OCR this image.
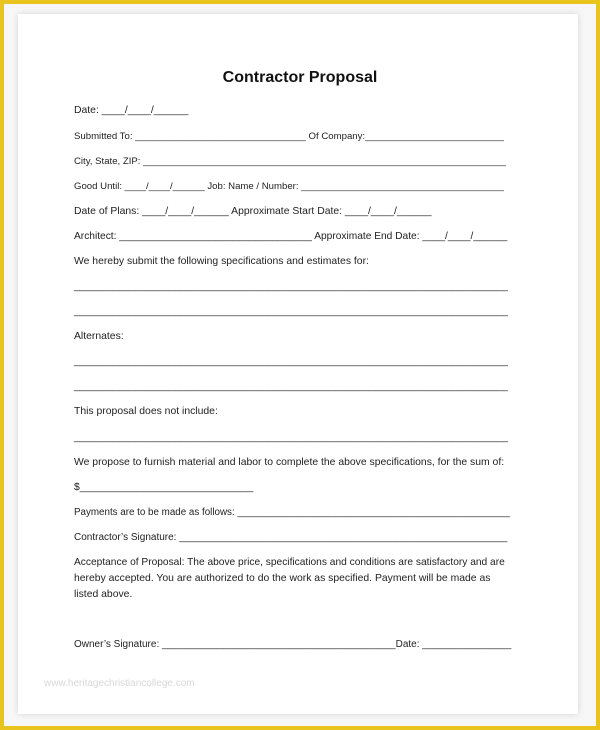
Contractor Proposal
Date: ____/____/______
Submitted To: ________________________________ Of Company:__________________________
City, State, ZIP: ____________________________________________________________________
Good Until: ____/____/______ Job: Name / Number: ______________________________________
Date of Plans: ____/____/______ Approximate Start Date: ____/____/______
Architect: __________________________________ Approximate End Date: ____/____/______
We hereby submit the following specifications and estimates for:
______________________________________________________________________________
______________________________________________________________________________
Alternates:
______________________________________________________________________________
______________________________________________________________________________
This proposal does not include:
______________________________________________________________________________
We propose to furnish material and labor to complete the above specifications, for the sum of:
$______________________________
Payments are to be made as follows: __________________________________________________
Contractor’s Signature: ___________________________________________________________
Acceptance of Proposal: The above price, specifications and conditions are satisfactory and are
hereby accepted. You are authorized to do the work as specified. Payment will be made as
listed above.
Owner’s Signature: __________________________________________Date: ________________
www.heritagechristiancollege.com
